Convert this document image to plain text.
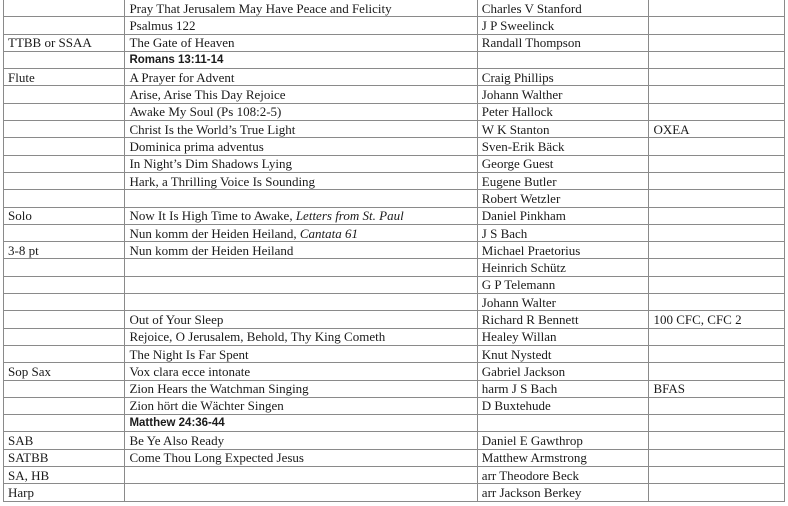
	Pray That Jerusalem May Have Peace and Felicity	Charles V Stanford	
	Psalmus 122	J P Sweelinck	
TTBB or SSAA	The Gate of Heaven	Randall Thompson	
	Romans 13:11-14		
Flute	A Prayer for Advent	Craig Phillips	
	Arise, Arise This Day Rejoice	Johann Walther	
	Awake My Soul (Ps 108:2-5)	Peter Hallock	
	Christ Is the World’s True Light	W K Stanton	OXEA
	Dominica prima adventus	Sven-Erik Bäck	
	In Night’s Dim Shadows Lying	George Guest	
	Hark, a Thrilling Voice Is Sounding	Eugene Butler	
		Robert Wetzler	
Solo	Now It Is High Time to Awake, Letters from St. Paul	Daniel Pinkham	
	Nun komm der Heiden Heiland, Cantata 61	J S Bach	
3-8 pt	Nun komm der Heiden Heiland	Michael Praetorius	
		Heinrich Schütz	
		G P Telemann	
		Johann Walter	
	Out of Your Sleep	Richard R Bennett	100 CFC, CFC 2
	Rejoice, O Jerusalem, Behold, Thy King Cometh	Healey Willan	
	The Night Is Far Spent	Knut Nystedt	
Sop Sax	Vox clara ecce intonate	Gabriel Jackson	
	Zion Hears the Watchman Singing	harm J S Bach	BFAS
	Zion hört die Wächter Singen	D Buxtehude	
	Matthew 24:36-44		
SAB	Be Ye Also Ready	Daniel E Gawthrop	
SATBB	Come Thou Long Expected Jesus	Matthew Armstrong	
SA, HB		arr Theodore Beck	
Harp		arr Jackson Berkey	
